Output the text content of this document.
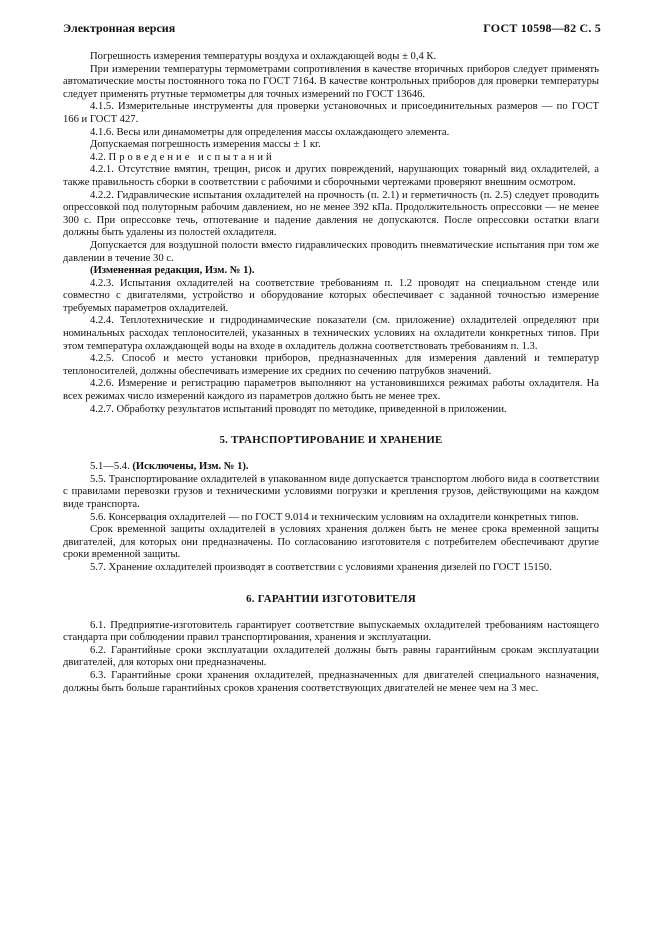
Электронная версия	ГОСТ 10598—82 С. 5

Погрешность измерения температуры воздуха и охлаждающей воды ± 0,4 К.

При измерении температуры термометрами сопротивления в качестве вторичных приборов следует применять автоматические мосты постоянного тока по ГОСТ 7164. В качестве контрольных приборов для проверки температуры следует применять ртутные термометры для точных измерений по ГОСТ 13646.

4.1.5. Измерительные инструменты для проверки установочных и присоединительных размеров — по ГОСТ 166 и ГОСТ 427.

4.1.6. Весы или динамометры для определения массы охлаждающего элемента.

Допускаемая погрешность измерения массы ± 1 кг.

4.2. Проведение испытаний

4.2.1. Отсутствие вмятин, трещин, рисок и других повреждений, нарушающих товарный вид охладителей, а также правильность сборки в соответствии с рабочими и сборочными чертежами проверяют внешним осмотром.

4.2.2. Гидравлические испытания охладителей на прочность (п. 2.1) и герметичность (п. 2.5) следует проводить опрессовкой под полуторным рабочим давлением, но не менее 392 кПа. Продолжительность опрессовки — не менее 300 с. При опрессовке течь, отпотевание и падение давления не допускаются. После опрессовки остатки влаги должны быть удалены из полостей охладителя.

Допускается для воздушной полости вместо гидравлических проводить пневматические испытания при том же давлении в течение 30 с.

(Измененная редакция, Изм. № 1).

4.2.3. Испытания охладителей на соответствие требованиям п. 1.2 проводят на специальном стенде или совместно с двигателями, устройство и оборудование которых обеспечивает с заданной точностью измерение требуемых параметров охладителей.

4.2.4. Теплотехнические и гидродинамические показатели (см. приложение) охладителей определяют при номинальных расходах теплоносителей, указанных в технических условиях на охладители конкретных типов. При этом температура охлаждающей воды на входе в охладитель должна соответствовать требованиям п. 1.3.

4.2.5. Способ и место установки приборов, предназначенных для измерения давлений и температур теплоносителей, должны обеспечивать измерение их средних по сечению патрубков значений.

4.2.6. Измерение и регистрацию параметров выполняют на установившихся режимах работы охладителя. На всех режимах число измерений каждого из параметров должно быть не менее трех.

4.2.7. Обработку результатов испытаний проводят по методике, приведенной в приложении.

5. ТРАНСПОРТИРОВАНИЕ И ХРАНЕНИЕ

5.1—5.4. (Исключены, Изм. № 1).

5.5. Транспортирование охладителей в упакованном виде допускается транспортом любого вида в соответствии с правилами перевозки грузов и техническими условиями погрузки и крепления грузов, действующими на каждом виде транспорта.

5.6. Консервация охладителей — по ГОСТ 9.014 и техническим условиям на охладители конкретных типов.

Срок временной защиты охладителей в условиях хранения должен быть не менее срока временной защиты двигателей, для которых они предназначены. По согласованию изготовителя с потребителем обеспечивают другие сроки временной защиты.

5.7. Хранение охладителей производят в соответствии с условиями хранения дизелей по ГОСТ 15150.

6. ГАРАНТИИ ИЗГОТОВИТЕЛЯ

6.1. Предприятие-изготовитель гарантирует соответствие выпускаемых охладителей требованиям настоящего стандарта при соблюдении правил транспортирования, хранения и эксплуатации.

6.2. Гарантийные сроки эксплуатации охладителей должны быть равны гарантийным срокам эксплуатации двигателей, для которых они предназначены.

6.3. Гарантийные сроки хранения охладителей, предназначенных для двигателей специального назначения, должны быть больше гарантийных сроков хранения соответствующих двигателей не менее чем на 3 мес.
